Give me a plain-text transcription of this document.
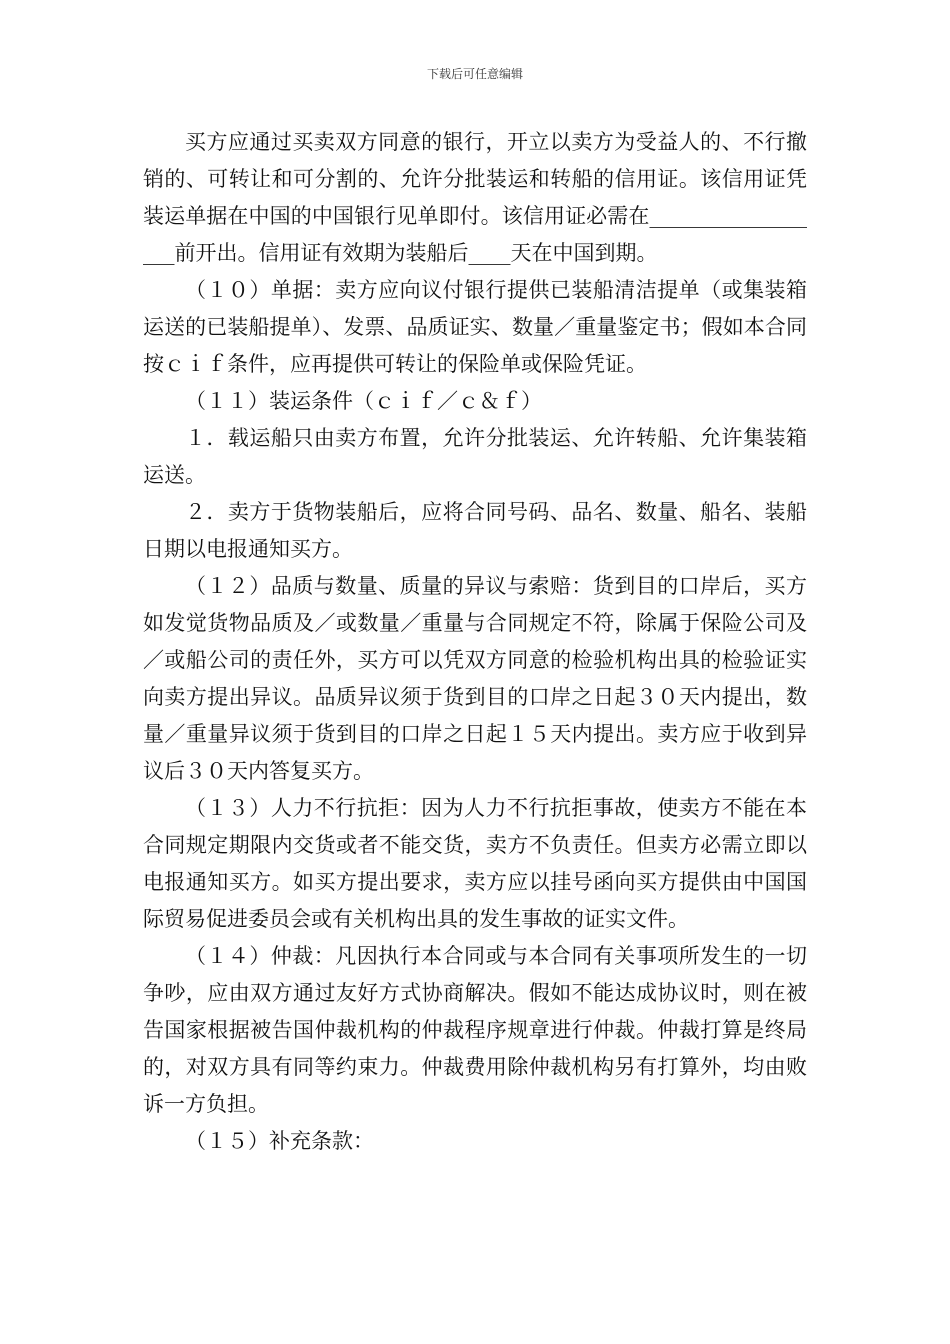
下载后可任意编辑

买方应通过买卖双方同意的银行，开立以卖方为受益人的、不行撤销的、可转让和可分割的、允许分批装运和转船的信用证。该信用证凭装运单据在中国的中国银行见单即付。该信用证必需在__________________前开出。信用证有效期为装船后____天在中国到期。

（１０）单据：卖方应向议付银行提供已装船清洁提单（或集装箱运送的已装船提单）、发票、品质证实、数量／重量鉴定书；假如本合同按ｃｉｆ条件，应再提供可转让的保险单或保险凭证。

（１１）装运条件（ｃｉｆ／ｃ＆ｆ）

１．载运船只由卖方布置，允许分批装运、允许转船、允许集装箱运送。

２．卖方于货物装船后，应将合同号码、品名、数量、船名、装船日期以电报通知买方。

（１２）品质与数量、质量的异议与索赔：货到目的口岸后，买方如发觉货物品质及／或数量／重量与合同规定不符，除属于保险公司及／或船公司的责任外，买方可以凭双方同意的检验机构出具的检验证实向卖方提出异议。品质异议须于货到目的口岸之日起３０天内提出，数量／重量异议须于货到目的口岸之日起１５天内提出。卖方应于收到异议后３０天内答复买方。

（１３）人力不行抗拒：因为人力不行抗拒事故，使卖方不能在本合同规定期限内交货或者不能交货，卖方不负责任。但卖方必需立即以电报通知买方。如买方提出要求，卖方应以挂号函向买方提供由中国国际贸易促进委员会或有关机构出具的发生事故的证实文件。

（１４）仲裁：凡因执行本合同或与本合同有关事项所发生的一切争吵，应由双方通过友好方式协商解决。假如不能达成协议时，则在被告国家根据被告国仲裁机构的仲裁程序规章进行仲裁。仲裁打算是终局的，对双方具有同等约束力。仲裁费用除仲裁机构另有打算外，均由败诉一方负担。

（１５）补充条款：
